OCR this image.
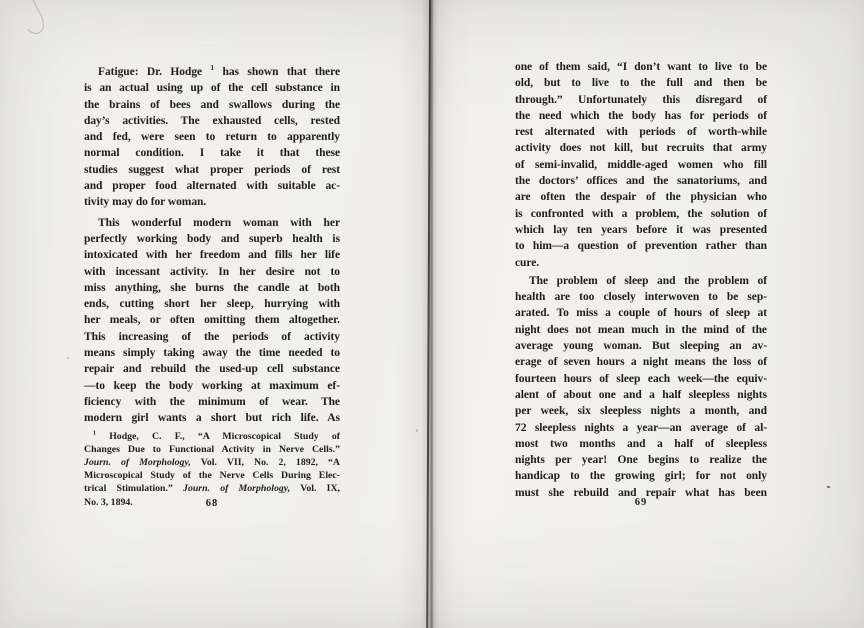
Fatigue: Dr. Hodge $^1$ has shown that there
is an actual using up of the cell substance in
the brains of bees and swallows during the
day’s activities. The exhausted cells, rested
and fed, were seen to return to apparently
normal condition. I take it that these
studies suggest what proper periods of rest
and proper food alternated with suitable ac-
tivity may do for woman.
This wonderful modern woman with her
perfectly working body and superb health is
intoxicated with her freedom and fills her life
with incessant activity. In her desire not to
miss anything, she burns the candle at both
ends, cutting short her sleep, hurrying with
her meals, or often omitting them altogether.
This increasing of the periods of activity
means simply taking away the time needed to
repair and rebuild the used-up cell substance
—to keep the body working at maximum ef-
ficiency with the minimum of wear. The
modern girl wants a short but rich life. As
$^1$ Hodge, C. F., “A Microscopical Study of
Changes Due to Functional Activity in Nerve Cells.”
Journ. of Morphology, Vol. VII, No. 2, 1892, “A
Microscopical Study of the Nerve Cells During Elec-
trical Stimulation.” Journ. of Morphology, Vol. IX,
No. 3, 1894.	68
one of them said, “I don’t want to live to be
old, but to live to the full and then be
through.” Unfortunately this disregard of
the need which the body has for periods of
rest alternated with periods of worth-while
activity does not kill, but recruits that army
of semi-invalid, middle-aged women who fill
the doctors’ offices and the sanatoriums, and
are often the despair of the physician who
is confronted with a problem, the solution of
which lay ten years before it was presented
to him—a question of prevention rather than
cure.
The problem of sleep and the problem of
health are too closely interwoven to be sep-
arated. To miss a couple of hours of sleep at
night does not mean much in the mind of the
average young woman. But sleeping an av-
erage of seven hours a night means the loss of
fourteen hours of sleep each week—the equiv-
alent of about one and a half sleepless nights
per week, six sleepless nights a month, and
72 sleepless nights a year—an average of al-
most two months and a half of sleepless
nights per year! One begins to realize the
handicap to the growing girl; for not only
must she rebuild and repair what has been
69
